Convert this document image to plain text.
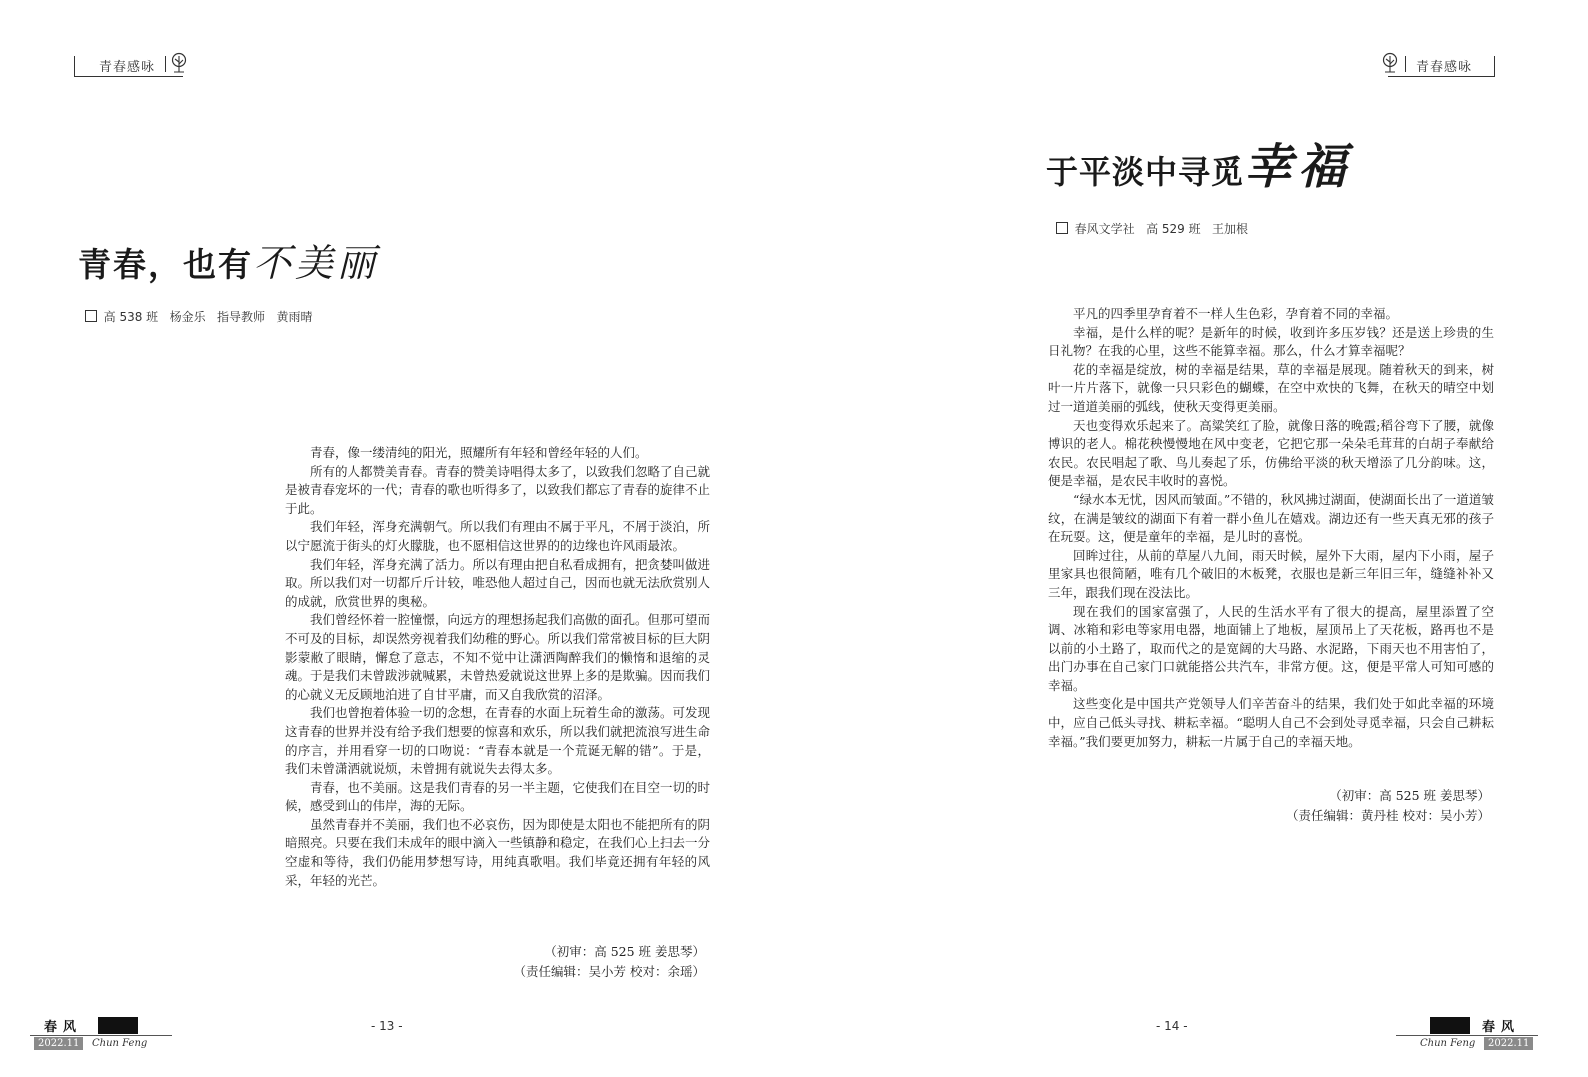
青春感咏
青春，也有不美丽

高 538 班   杨金乐   指导教师   黄雨晴

青春，像一缕清纯的阳光，照耀所有年轻和曾经年轻的人们。

所有的人都赞美青春。青春的赞美诗唱得太多了，以致我们忽略了自己就是被青春宠坏的一代；青春的歌也听得多了，以致我们都忘了青春的旋律不止于此。

我们年轻，浑身充满朝气。所以我们有理由不属于平凡，不屑于淡泊，所以宁愿流于街头的灯火朦胧，也不愿相信这世界的的边缘也许风雨最浓。

我们年轻，浑身充满了活力。所以有理由把自私看成拥有，把贪婪叫做进取。所以我们对一切都斤斤计较，唯恐他人超过自己，因而也就无法欣赏别人的成就，欣赏世界的奥秘。

我们曾经怀着一腔憧憬，向远方的理想扬起我们高傲的面孔。但那可望而不可及的目标，却误然旁视着我们幼稚的野心。所以我们常常被目标的巨大阴影蒙敝了眼睛，懈怠了意志，不知不觉中让潇洒陶醉我们的懒惰和退缩的灵魂。于是我们未曾跋涉就喊累，未曾热爱就说这世界上多的是欺骗。因而我们的心就义无反顾地泊进了自甘平庸，而又自我欣赏的沼泽。

我们也曾抱着体验一切的念想，在青春的水面上玩着生命的激荡。可发现这青春的世界并没有给予我们想要的惊喜和欢乐，所以我们就把流浪写进生命的序言，并用看穿一切的口吻说：“青春本就是一个荒诞无解的错”。于是，我们未曾潇洒就说烦，未曾拥有就说失去得太多。

青春，也不美丽。这是我们青春的另一半主题，它使我们在目空一切的时候，感受到山的伟岸，海的无际。

虽然青春并不美丽，我们也不必哀伤，因为即使是太阳也不能把所有的阴暗照亮。只要在我们未成年的眼中滴入一些镇静和稳定，在我们心上扫去一分空虚和等待，我们仍能用梦想写诗，用纯真歌唱。我们毕竟还拥有年轻的风采，年轻的光芒。

（初审：高 525 班 姜思琴）
（责任编辑：吴小芳 校对：余瑶）
春风
2022.11	Chun Feng
- 13 -
青春感咏
于平淡中寻觅幸福

春风文学社   高 529 班   王加根

平凡的四季里孕育着不一样人生色彩，孕育着不同的幸福。

幸福，是什么样的呢？是新年的时候，收到许多压岁钱？还是送上珍贵的生日礼物？在我的心里，这些不能算幸福。那么，什么才算幸福呢？

花的幸福是绽放，树的幸福是结果，草的幸福是展现。随着秋天的到来，树叶一片片落下，就像一只只彩色的蝴蝶，在空中欢快的飞舞，在秋天的晴空中划过一道道美丽的弧线，使秋天变得更美丽。

天也变得欢乐起来了。高粱笑红了脸，就像日落的晚霞;稻谷弯下了腰，就像博识的老人。棉花秧慢慢地在风中变老，它把它那一朵朵毛茸茸的白胡子奉献给农民。农民唱起了歌、鸟儿奏起了乐，仿佛给平淡的秋天增添了几分韵味。这，便是幸福，是农民丰收时的喜悦。

“绿水本无忧，因风而皱面。”不错的，秋风拂过湖面，使湖面长出了一道道皱纹，在满是皱纹的湖面下有着一群小鱼儿在嬉戏。湖边还有一些天真无邪的孩子在玩耍。这，便是童年的幸福，是儿时的喜悦。

回眸过往，从前的草屋八九间，雨天时候，屋外下大雨，屋内下小雨，屋子里家具也很简陋，唯有几个破旧的木板凳，衣服也是新三年旧三年，缝缝补补又三年，跟我们现在没法比。

现在我们的国家富强了，人民的生活水平有了很大的提高，屋里添置了空调、冰箱和彩电等家用电器，地面铺上了地板，屋顶吊上了天花板，路再也不是以前的小土路了，取而代之的是宽阔的大马路、水泥路，下雨天也不用害怕了，出门办事在自己家门口就能搭公共汽车，非常方便。这，便是平常人可知可感的幸福。

这些变化是中国共产党领导人们辛苦奋斗的结果，我们处于如此幸福的环境中，应自己低头寻找、耕耘幸福。“聪明人自己不会到处寻觅幸福，只会自己耕耘幸福。”我们要更加努力，耕耘一片属于自己的幸福天地。

（初审：高 525 班 姜思琴）
（责任编辑：黄丹桂 校对：吴小芳）
- 14 -	春风
Chun Feng	2022.11
